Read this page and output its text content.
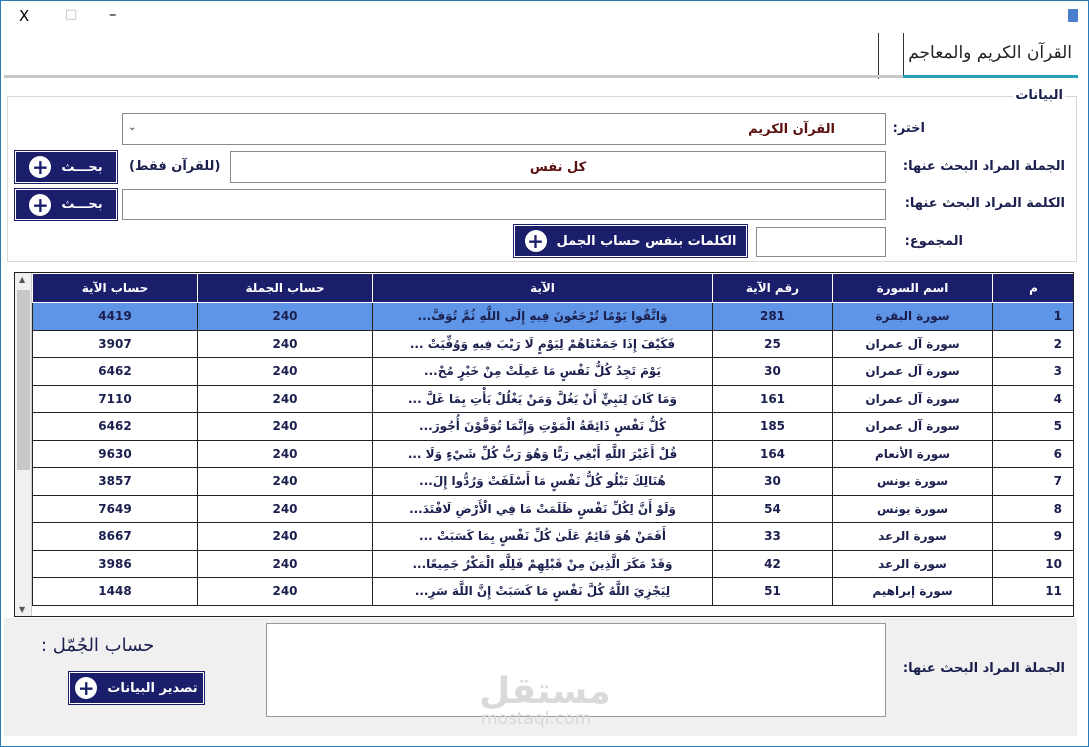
X	□ –
القرآن الكريم والمعاجم
البيانات
اختر:
القرآن الكريم
⌄
الجملة المراد البحث عنها:
كل نفس
(للقرآن فقط)
+ بحـــث
الكلمة المراد البحث عنها:
+ بحـــث
المجموع:
+ الكلمات بنفس حساب الجمل
▲
▼
م	اسم السورة	رقم الآية	الآية	حساب الجملة	حساب الآية
1	سورة البقرة	281	وَاتَّقُوا يَوْمًا تُرْجَعُونَ فِيهِ إِلَى اللَّهِ ثُمَّ تُوَفَّ...	240	4419
2	سورة آل عمران	25	فَكَيْفَ إِذَا جَمَعْنَاهُمْ لِيَوْمٍ لَا رَيْبَ فِيهِ وَوُفِّيَتْ ...	240	3907
3	سورة آل عمران	30	يَوْمَ تَجِدُ كُلُّ نَفْسٍ مَا عَمِلَتْ مِنْ خَيْرٍ مُحْ...	240	6462
4	سورة آل عمران	161	وَمَا كَانَ لِنَبِيٍّ أَنْ يَغُلَّ وَمَنْ يَغْلُلْ يَأْتِ بِمَا غَلَّ ...	240	7110
5	سورة آل عمران	185	كُلُّ نَفْسٍ ذَائِقَةُ الْمَوْتِ وَإِنَّمَا تُوَفَّوْنَ أُجُورَ...	240	6462
6	سورة الأنعام	164	قُلْ أَغَيْرَ اللَّهِ أَبْغِي رَبًّا وَهُوَ رَبُّ كُلِّ شَيْءٍ وَلَا ...	240	9630
7	سورة يونس	30	هُنَالِكَ تَبْلُو كُلُّ نَفْسٍ مَا أَسْلَفَتْ وَرُدُّوا إِلَ...	240	3857
8	سورة يونس	54	وَلَوْ أَنَّ لِكُلِّ نَفْسٍ ظَلَمَتْ مَا فِي الْأَرْضِ لَافْتَدَ...	240	7649
9	سورة الرعد	33	أَفَمَنْ هُوَ قَائِمٌ عَلَىٰ كُلِّ نَفْسٍ بِمَا كَسَبَتْ ...	240	8667
10	سورة الرعد	42	وَقَدْ مَكَرَ الَّذِينَ مِنْ قَبْلِهِمْ فَلِلَّهِ الْمَكْرُ جَمِيعًا...	240	3986
11	سورة إبراهيم	51	لِيَجْزِيَ اللَّهُ كُلَّ نَفْسٍ مَا كَسَبَتْ إِنَّ اللَّهَ سَرِ...	240	1448
الجملة المراد البحث عنها:
مستقل
mostaql.com
حساب الجُمّل :
+ تصدير البيانات
